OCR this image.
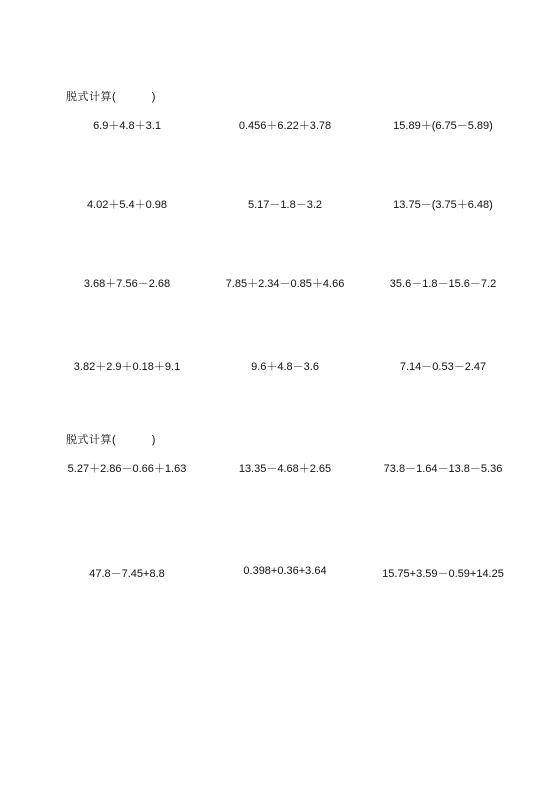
脱式计算(          )
6.9＋4.8＋3.1	0.456＋6.22＋3.78	15.89＋(6.75－5.89)
4.02＋5.4＋0.98	5.17－1.8－3.2	13.75－(3.75＋6.48)
3.68＋7.56－2.68	7.85＋2.34－0.85＋4.66	35.6－1.8－15.6－7.2
3.82＋2.9＋0.18＋9.1	9.6＋4.8－3.6	7.14－0.53－2.47
脱式计算(          )
5.27＋2.86－0.66＋1.63	13.35－4.68＋2.65	73.8－1.64－13.8－5.36
47.8－7.45+8.8	0.398+0.36+3.64	15.75+3.59－0.59+14.25
